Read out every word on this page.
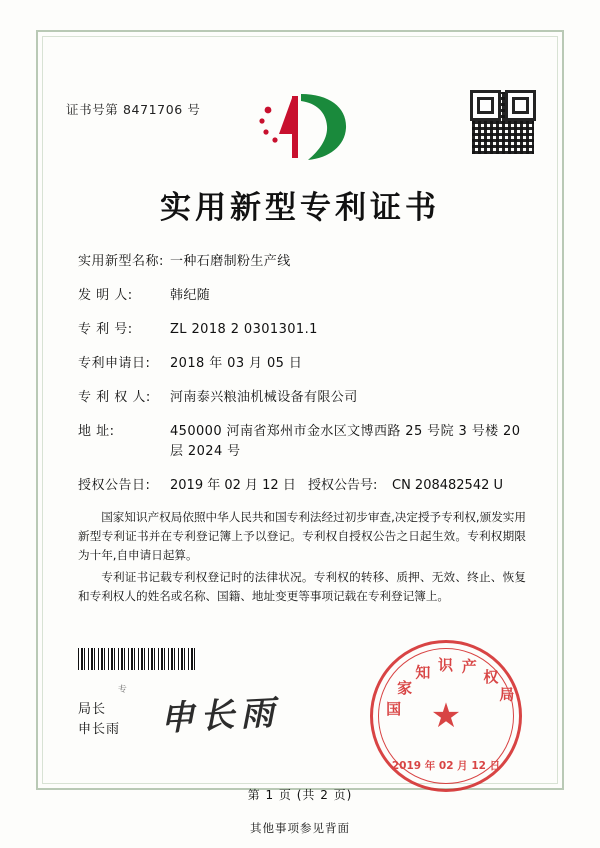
证书号第 8471706 号
实用新型专利证书
实用新型名称: 一种石磨制粉生产线
发 明 人:	韩纪随
专 利 号:	ZL 2018 2 0301301.1
专利申请日:	2018 年 03 月 05 日
专 利 权 人:	河南泰兴粮油机械设备有限公司
地 址:	450000 河南省郑州市金水区文博西路 25 号院 3 号楼 20 层 2024 号
授权公告日:	2019 年 02 月 12 日 授权公告号:	CN 208482542 U

国家知识产权局依照中华人民共和国专利法经过初步审查,决定授予专利权,颁发实用新型专利证书并在专利登记簿上予以登记。专利权自授权公告之日起生效。专利权期限为十年,自申请日起算。

专利证书记载专利权登记时的法律状况。专利权的转移、质押、无效、终止、恢复和专利权人的姓名或名称、国籍、地址变更等事项记载在专利登记簿上。

局长
申长雨
专
申长雨	★
2019 年 02 月 12 日
国
家
知 识 产
权
局
第 1 页 (共 2 页)
其他事项参见背面
